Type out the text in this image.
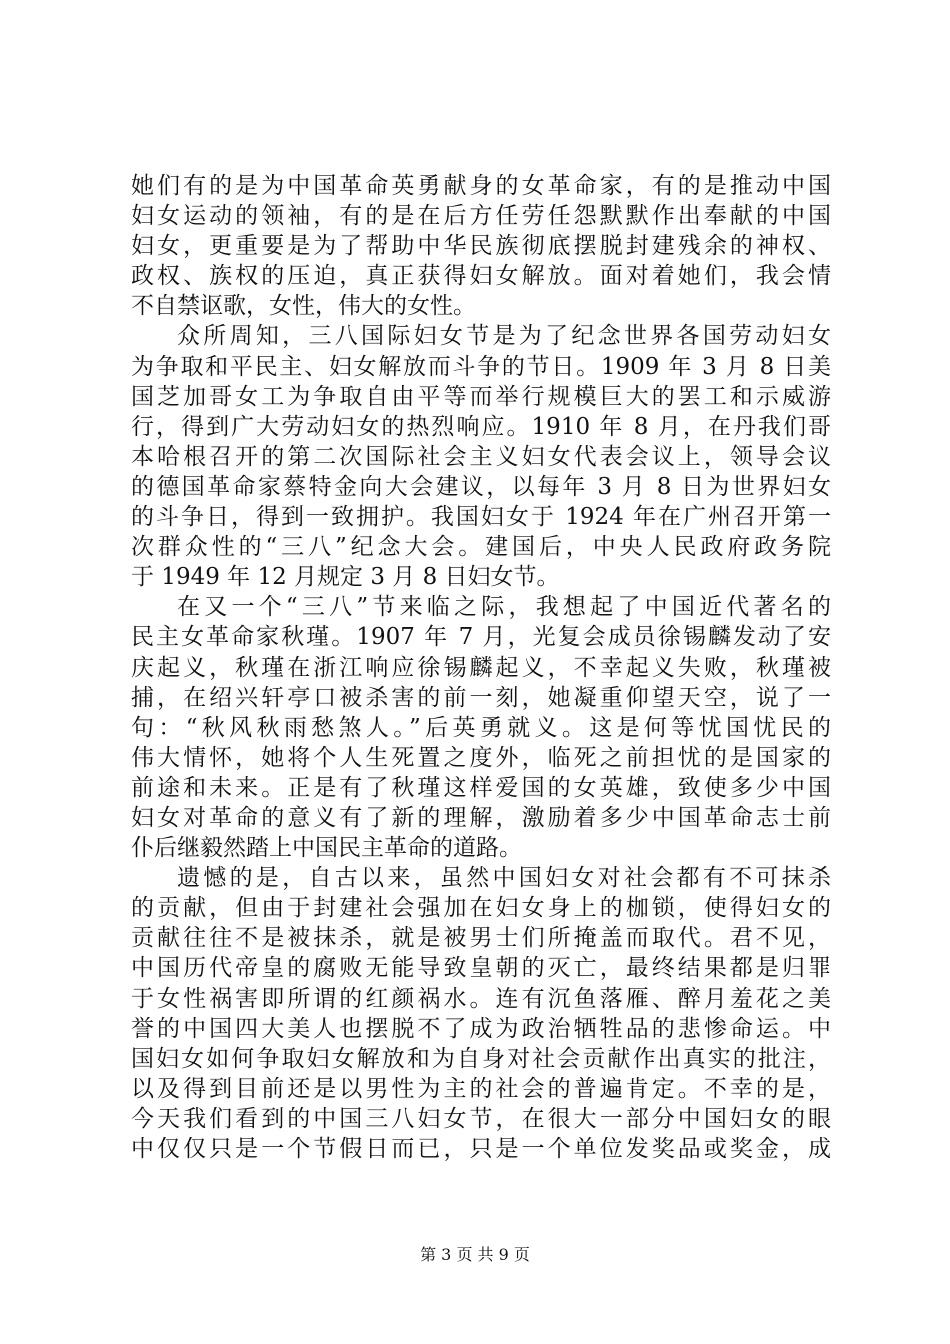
她们有的是为中国革命英勇献身的女革命家，有的是推动中国
妇女运动的领袖，有的是在后方任劳任怨默默作出奉献的中国
妇女，更重要是为了帮助中华民族彻底摆脱封建残余的神权、
政权、族权的压迫，真正获得妇女解放。面对着她们，我会情
不自禁讴歌，女性，伟大的女性。
众所周知，三八国际妇女节是为了纪念世界各国劳动妇女
为争取和平民主、妇女解放而斗争的节日。1909 年 3 月 8 日美
国芝加哥女工为争取自由平等而举行规模巨大的罢工和示威游
行，得到广大劳动妇女的热烈响应。1910 年 8 月，在丹我们哥
本哈根召开的第二次国际社会主义妇女代表会议上，领导会议
的德国革命家蔡特金向大会建议，以每年 3 月 8 日为世界妇女
的斗争日，得到一致拥护。我国妇女于 1924 年在广州召开第一
次群众性的“三八”纪念大会。建国后，中央人民政府政务院
于 1949 年 12 月规定 3 月 8 日妇女节。
在又一个“三八”节来临之际，我想起了中国近代著名的
民主女革命家秋瑾。1907 年 7 月，光复会成员徐锡麟发动了安
庆起义，秋瑾在浙江响应徐锡麟起义，不幸起义失败，秋瑾被
捕，在绍兴轩亭口被杀害的前一刻，她凝重仰望天空，说了一
句：“秋风秋雨愁煞人。”后英勇就义。这是何等忧国忧民的
伟大情怀，她将个人生死置之度外，临死之前担忧的是国家的
前途和未来。正是有了秋瑾这样爱国的女英雄，致使多少中国
妇女对革命的意义有了新的理解，激励着多少中国革命志士前
仆后继毅然踏上中国民主革命的道路。
遗憾的是，自古以来，虽然中国妇女对社会都有不可抹杀
的贡献，但由于封建社会强加在妇女身上的枷锁，使得妇女的
贡献往往不是被抹杀，就是被男士们所掩盖而取代。君不见，
中国历代帝皇的腐败无能导致皇朝的灭亡，最终结果都是归罪
于女性祸害即所谓的红颜祸水。连有沉鱼落雁、醉月羞花之美
誉的中国四大美人也摆脱不了成为政治牺牲品的悲惨命运。中
国妇女如何争取妇女解放和为自身对社会贡献作出真实的批注，
以及得到目前还是以男性为主的社会的普遍肯定。不幸的是，
今天我们看到的中国三八妇女节，在很大一部分中国妇女的眼
中仅仅只是一个节假日而已，只是一个单位发奖品或奖金，成
第 3 页 共 9 页
